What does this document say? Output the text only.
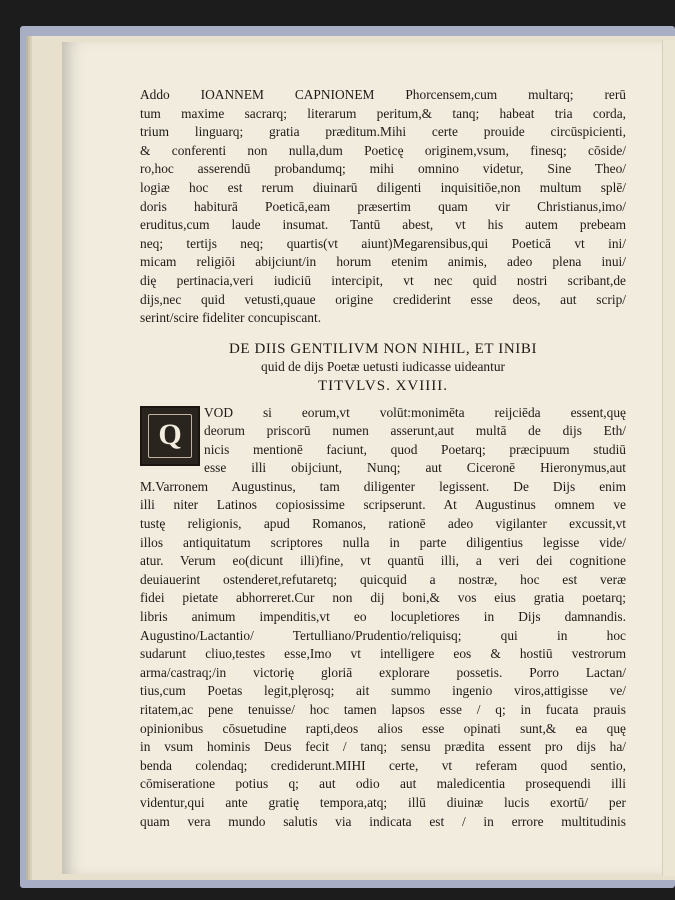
Addo IOANNEM CAPNIONEM Phorcensem,cum multarq; rerū
tum maxime sacrarq; literarum peritum,& tanq; habeat tria corda,
trium linguarq; gratia præditum.Mihi certe prouide circūspicienti,
& conferenti non nulla,dum Poeticę originem,vsum, finesq; cōside/
ro,hoc asserendū probandumq; mihi omnino videtur, Sine Theo/
logiæ hoc est rerum diuinarū diligenti inquisitiōe,non multum splē/
doris habiturā Poeticā,eam præsertim quam vir Christianus,imo/
eruditus,cum laude insumat. Tantū abest, vt his autem prebeam
neq; tertijs neq; quartis(vt aiunt)Megarensibus,qui Poeticā vt ini/
micam religiōi abijciunt/in horum etenim animis, adeo plena inui/
dię pertinacia,veri iudiciū intercipit, vt nec quid nostri scribant,de
dijs,nec quid vetusti,quaue origine crediderint esse deos, aut scrip/
serint/scire fideliter concupiscant.
DE DIIS GENTILIVM NON NIHIL, ET INIBI
quid de dijs Poetæ uetusti iudicasse uideantur
TITVLVS. XVIIII.
Q
VOD si eorum,vt volūt:monimēta reijciēda essent,quę
deorum priscorū numen asserunt,aut multā de dijs Eth/
nicis mentionē faciunt, quod Poetarq; præcipuum studiū
esse illi obijciunt, Nunq; aut Ciceronē Hieronymus,aut
M.Varronem Augustinus, tam diligenter legissent. De Dijs enim
illi niter Latinos copiosissime scripserunt. At Augustinus omnem ve
tustę religionis, apud Romanos, rationē adeo vigilanter excussit,vt
illos antiquitatum scriptores nulla in parte diligentius legisse vide/
atur. Verum eo(dicunt illi)fine, vt quantū illi, a veri dei cognitione
deuiauerint ostenderet,refutaretq; quicquid a nostræ, hoc est veræ
fidei pietate abhorreret.Cur non dij boni,& vos eius gratia poetarq;
libris animum impenditis,vt eo locupletiores in Dijs damnandis.
Augustino/Lactantio/ Tertulliano/Prudentio/reliquisq; qui in hoc
sudarunt cliuo,testes esse,Imo vt intelligere eos & hostiū vestrorum
arma/castraq;/in victorię gloriā explorare possetis. Porro Lactan/
tius,cum Poetas legit,plęrosq; ait summo ingenio viros,attigisse ve/
ritatem,ac pene tenuisse/ hoc tamen lapsos esse / q; in fucata prauis
opinionibus cōsuetudine rapti,deos alios esse opinati sunt,& ea quę
in vsum hominis Deus fecit / tanq; sensu prædita essent pro dijs ha/
benda colendaq; crediderunt.MIHI certe, vt referam quod sentio,
cōmiseratione potius q; aut odio aut maledicentia prosequendi illi
videntur,qui ante gratię tempora,atq; illū diuinæ lucis exortū/ per
quam vera mundo salutis via indicata est / in errore multitudinis
